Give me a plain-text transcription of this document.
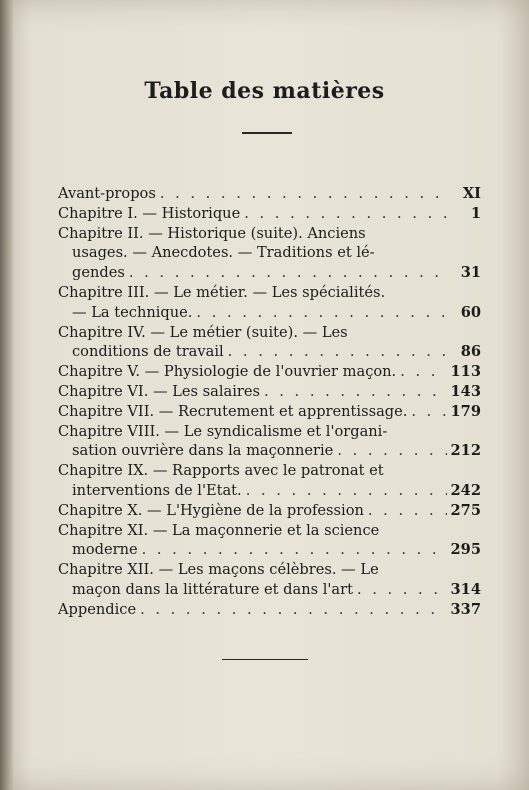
Table des matières
Avant-propos . . .	XI
Chapitre I. — Historique . . .	1
Chapitre II. — Historique (suite). Anciens
usages. — Anecdotes. — Traditions et lé-
gendes . . .	31
Chapitre III. — Le métier. — Les spécialités.
— La technique. . . .	60
Chapitre IV. — Le métier (suite). — Les
conditions de travail . . .	86
Chapitre V. — Physiologie de l'ouvrier maçon. . . .	113
Chapitre VI. — Les salaires . . .	143
Chapitre VII. — Recrutement et apprentissage. . . .	179
Chapitre VIII. — Le syndicalisme et l'organi-
sation ouvrière dans la maçonnerie . . .	212
Chapitre IX. — Rapports avec le patronat et
interventions de l'Etat. . . .	242
Chapitre X. — L'Hygiène de la profession . . .	275
Chapitre XI. — La maçonnerie et la science
moderne . . .	295
Chapitre XII. — Les maçons célèbres. — Le
maçon dans la littérature et dans l'art . . .	314
Appendice . . .	337
